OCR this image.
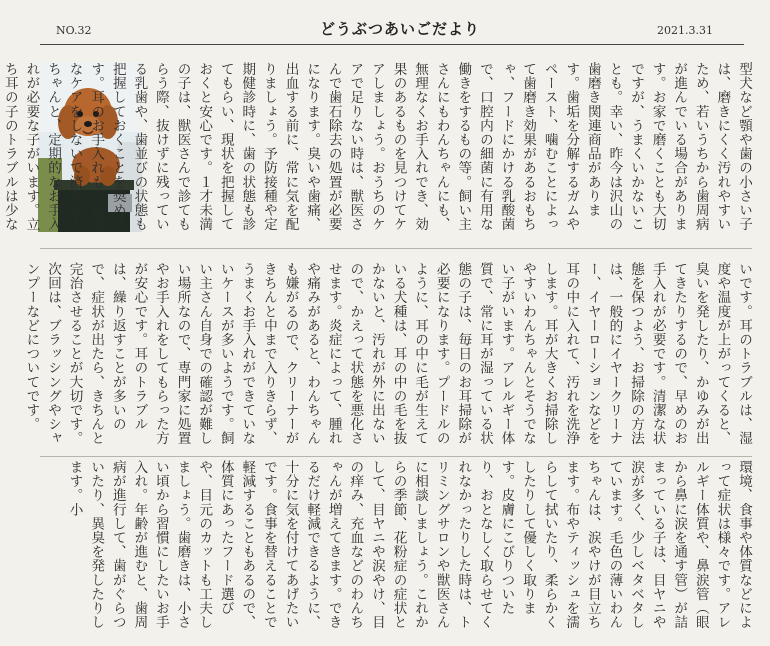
NO.32	どうぶつあいごだより	2021.3.31
型犬など顎や歯の小さい子は、磨きにくく汚れやすいため、若いうちから歯周病が進んでいる場合があります。お家で磨くことも大切ですが、うまくいかないことも。幸い、昨今は沢山の歯磨き関連商品があります。歯垢を分解するガムやペースト、噛むことによって歯磨き効果があるおもちゃ、フードにかける乳酸菌で、口腔内の細菌に有用な働きをするもの等。飼い主さんにもわんちゃんにも、無理なくお手入れでき、効果のあるものを見つけてケアしましょう。おうちのケアで足りない時は、獣医さんで歯石除去の処置が必要になります。臭いや歯痛、出血する前に、常に気を配りましょう。予防接種や定期健診時に、歯の状態も診てもらい、現状を把握しておくと安心です。１才未満の子は、獣医さんで診てもらう際、抜けずに残っている乳歯や、歯並びの状態も把握しておくことを奨めます。耳のお手入れも、特別なケアをしないで済むわんちゃんと、定期的なお手入れが必要な子がいます。立ち耳の子のトラブルは少な
いです。耳のトラブルは、湿度や温度が上がってくると、臭いを発したり、かゆみが出てきたりするので、早めのお手入れが必要です。清潔な状態を保つよう、お掃除の方法は、一般的にイヤークリーナー、イヤーローションなどを耳の中に入れて、汚れを洗浄します。耳が大きくお掃除しやすいわんちゃんとそうでない子がいます。アレルギー体質で、常に耳が湿っている状態の子は、毎日のお耳掃除が必要になります。プードルのように、耳の中に毛が生えている犬種は、耳の中の毛を抜かないと、汚れが外に出ないので、かえって状態を悪化させます。炎症によって、腫れや痛みがあると、わんちゃんも嫌がるので、クリーナーがきちんと中まで入りきらず、うまくお手入れができていないケースが多いようです。飼い主さん自身での確認が難しい場所なので、専門家に処置やお手入れをしてもらった方が安心です。耳のトラブルは、繰り返すことが多いので、症状が出たら、きちんと完治させることが大切です。次回は、ブラッシングやシャンプーなどについてです。
環境、食事や体質などによって症状は様々です。アレルギー体質や、鼻涙管（眼から鼻に涙を通す管）が詰まっている子は、目ヤニや涙が多く、少しベタベタしています。毛色の薄いわんちゃんは、涙やけが目立ちます。布やティッシュを濡らして拭いたり、柔らかくしたりして優しく取ります。皮膚にこびりついたり、おとなしく取らせてくれなかったりした時は、トリミングサロンや獣医さんに相談しましょう。これからの季節、花粉症の症状として、目ヤニや涙やけ、目の痒み、充血などのわんちゃんが増えてきます。できるだけ軽減できるように、十分に気を付けてあげたいです。食事を替えることで軽減することもあるので、体質にあったフード選びや、目元のカットも工夫しましょう。歯磨きは、小さい頃から習慣にしたいお手入れ。年齢が進むと、歯周病が進行して、歯がぐらついたり、異臭を発したりします。小
